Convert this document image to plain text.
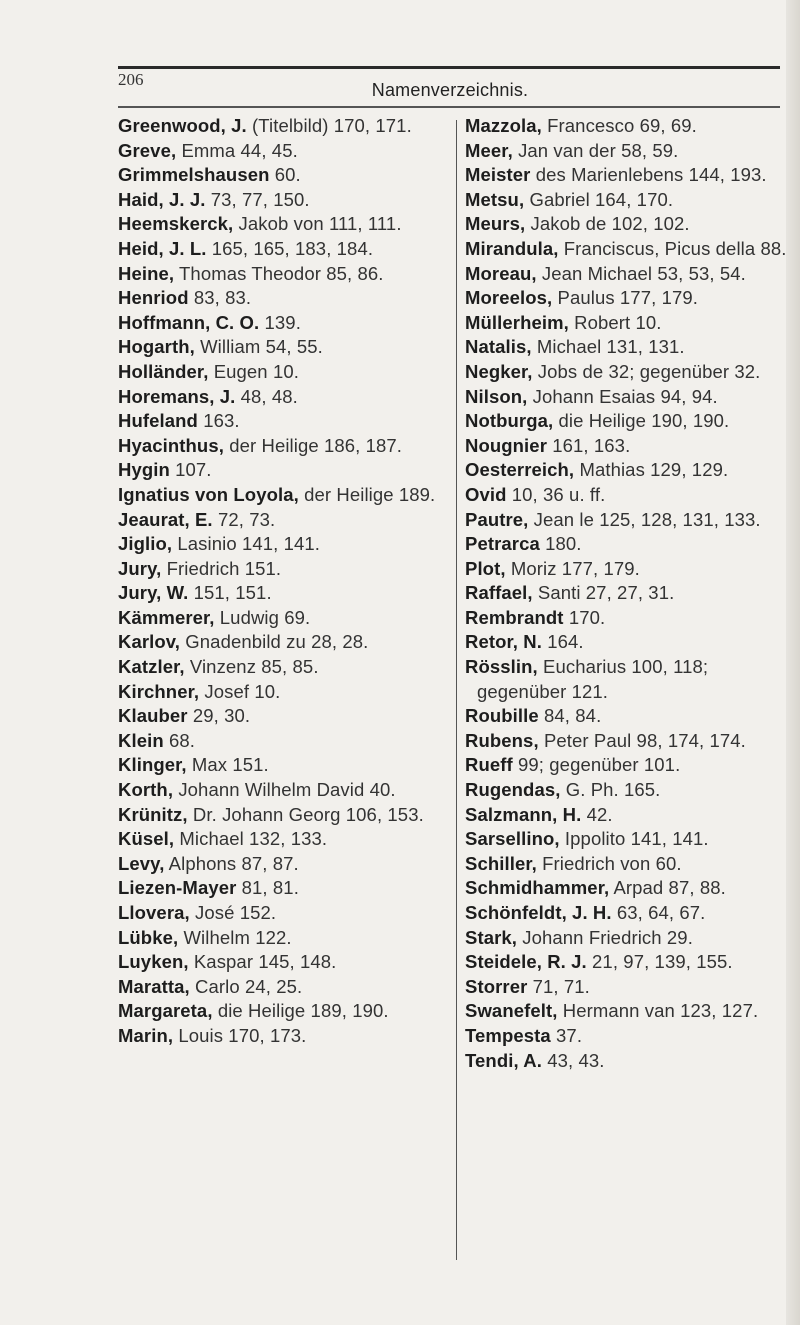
206
Namenverzeichnis.

Greenwood, J. (Titelbild) 170, 171.

Greve, Emma 44, 45.

Grimmelshausen 60.

Haid, J. J. 73, 77, 150.

Heemskerck, Jakob von 111, 111.

Heid, J. L. 165, 165, 183, 184.

Heine, Thomas Theodor 85, 86.

Henriod 83, 83.

Hoffmann, C. O. 139.

Hogarth, William 54, 55.

Holländer, Eugen 10.

Horemans, J. 48, 48.

Hufeland 163.

Hyacinthus, der Heilige 186, 187.

Hygin 107.

Ignatius von Loyola, der Heilige 189.

Jeaurat, E. 72, 73.

Jiglio, Lasinio 141, 141.

Jury, Friedrich 151.

Jury, W. 151, 151.

Kämmerer, Ludwig 69.

Karlov, Gnadenbild zu 28, 28.

Katzler, Vinzenz 85, 85.

Kirchner, Josef 10.

Klauber 29, 30.

Klein 68.

Klinger, Max 151.

Korth, Johann Wilhelm David 40.

Krünitz, Dr. Johann Georg 106, 153.

Küsel, Michael 132, 133.

Levy, Alphons 87, 87.

Liezen-Mayer 81, 81.

Llovera, José 152.

Lübke, Wilhelm 122.

Luyken, Kaspar 145, 148.

Maratta, Carlo 24, 25.

Margareta, die Heilige 189, 190.

Marin, Louis 170, 173.

Mazzola, Francesco 69, 69.

Meer, Jan van der 58, 59.

Meister des Marienlebens 144, 193.

Metsu, Gabriel 164, 170.

Meurs, Jakob de 102, 102.

Mirandula, Franciscus, Picus della 88.

Moreau, Jean Michael 53, 53, 54.

Moreelos, Paulus 177, 179.

Müllerheim, Robert 10.

Natalis, Michael 131, 131.

Negker, Jobs de 32; gegenüber 32.

Nilson, Johann Esaias 94, 94.

Notburga, die Heilige 190, 190.

Nougnier 161, 163.

Oesterreich, Mathias 129, 129.

Ovid 10, 36 u. ff.

Pautre, Jean le 125, 128, 131, 133.

Petrarca 180.

Plot, Moriz 177, 179.

Raffael, Santi 27, 27, 31.

Rembrandt 170.

Retor, N. 164.

Rösslin, Eucharius 100, 118; gegenüber 121.

Roubille 84, 84.

Rubens, Peter Paul 98, 174, 174.

Rueff 99; gegenüber 101.

Rugendas, G. Ph. 165.

Salzmann, H. 42.

Sarsellino, Ippolito 141, 141.

Schiller, Friedrich von 60.

Schmidhammer, Arpad 87, 88.

Schönfeldt, J. H. 63, 64, 67.

Stark, Johann Friedrich 29.

Steidele, R. J. 21, 97, 139, 155.

Storrer 71, 71.

Swanefelt, Hermann van 123, 127.

Tempesta 37.

Tendi, A. 43, 43.
